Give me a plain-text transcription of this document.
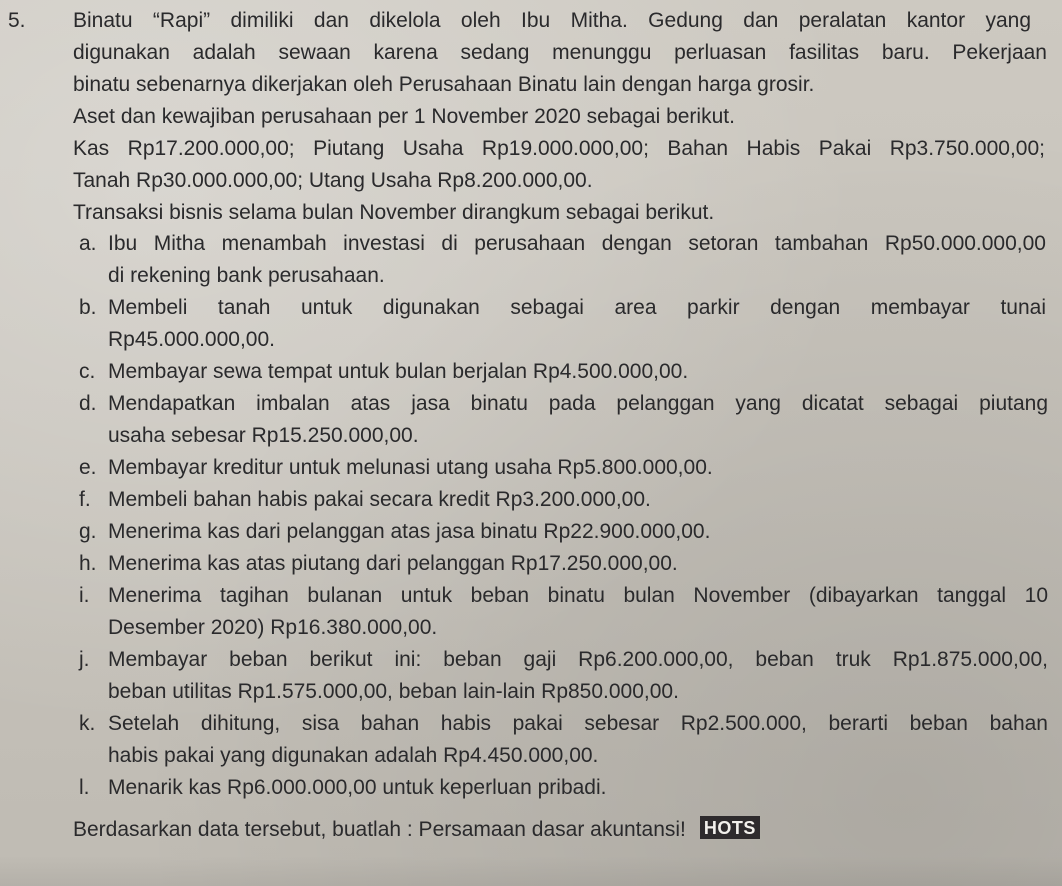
5. Binatu “Rapi” dimiliki dan dikelola oleh Ibu Mitha. Gedung dan peralatan kantor yang
digunakan adalah sewaan karena sedang menunggu perluasan fasilitas baru. Pekerjaan
binatu sebenarnya dikerjakan oleh Perusahaan Binatu lain dengan harga grosir.
Aset dan kewajiban perusahaan per 1 November 2020 sebagai berikut.
Kas Rp17.200.000,00; Piutang Usaha Rp19.000.000,00; Bahan Habis Pakai Rp3.750.000,00;
Tanah Rp30.000.000,00; Utang Usaha Rp8.200.000,00.
Transaksi bisnis selama bulan November dirangkum sebagai berikut.
a. Ibu Mitha menambah investasi di perusahaan dengan setoran tambahan Rp50.000.000,00
di rekening bank perusahaan.
b. Membeli tanah untuk digunakan sebagai area parkir dengan membayar tunai
Rp45.000.000,00.
c. Membayar sewa tempat untuk bulan berjalan Rp4.500.000,00.
d. Mendapatkan imbalan atas jasa binatu pada pelanggan yang dicatat sebagai piutang
usaha sebesar Rp15.250.000,00.
e. Membayar kreditur untuk melunasi utang usaha Rp5.800.000,00.
f. Membeli bahan habis pakai secara kredit Rp3.200.000,00.
g. Menerima kas dari pelanggan atas jasa binatu Rp22.900.000,00.
h. Menerima kas atas piutang dari pelanggan Rp17.250.000,00.
i. Menerima tagihan bulanan untuk beban binatu bulan November (dibayarkan tanggal 10
Desember 2020) Rp16.380.000,00.
j. Membayar beban berikut ini: beban gaji Rp6.200.000,00, beban truk Rp1.875.000,00,
beban utilitas Rp1.575.000,00, beban lain-lain Rp850.000,00.
k. Setelah dihitung, sisa bahan habis pakai sebesar Rp2.500.000, berarti beban bahan
habis pakai yang digunakan adalah Rp4.450.000,00.
l. Menarik kas Rp6.000.000,00 untuk keperluan pribadi.
Berdasarkan data tersebut, buatlah : Persamaan dasar akuntansi! HOTS
